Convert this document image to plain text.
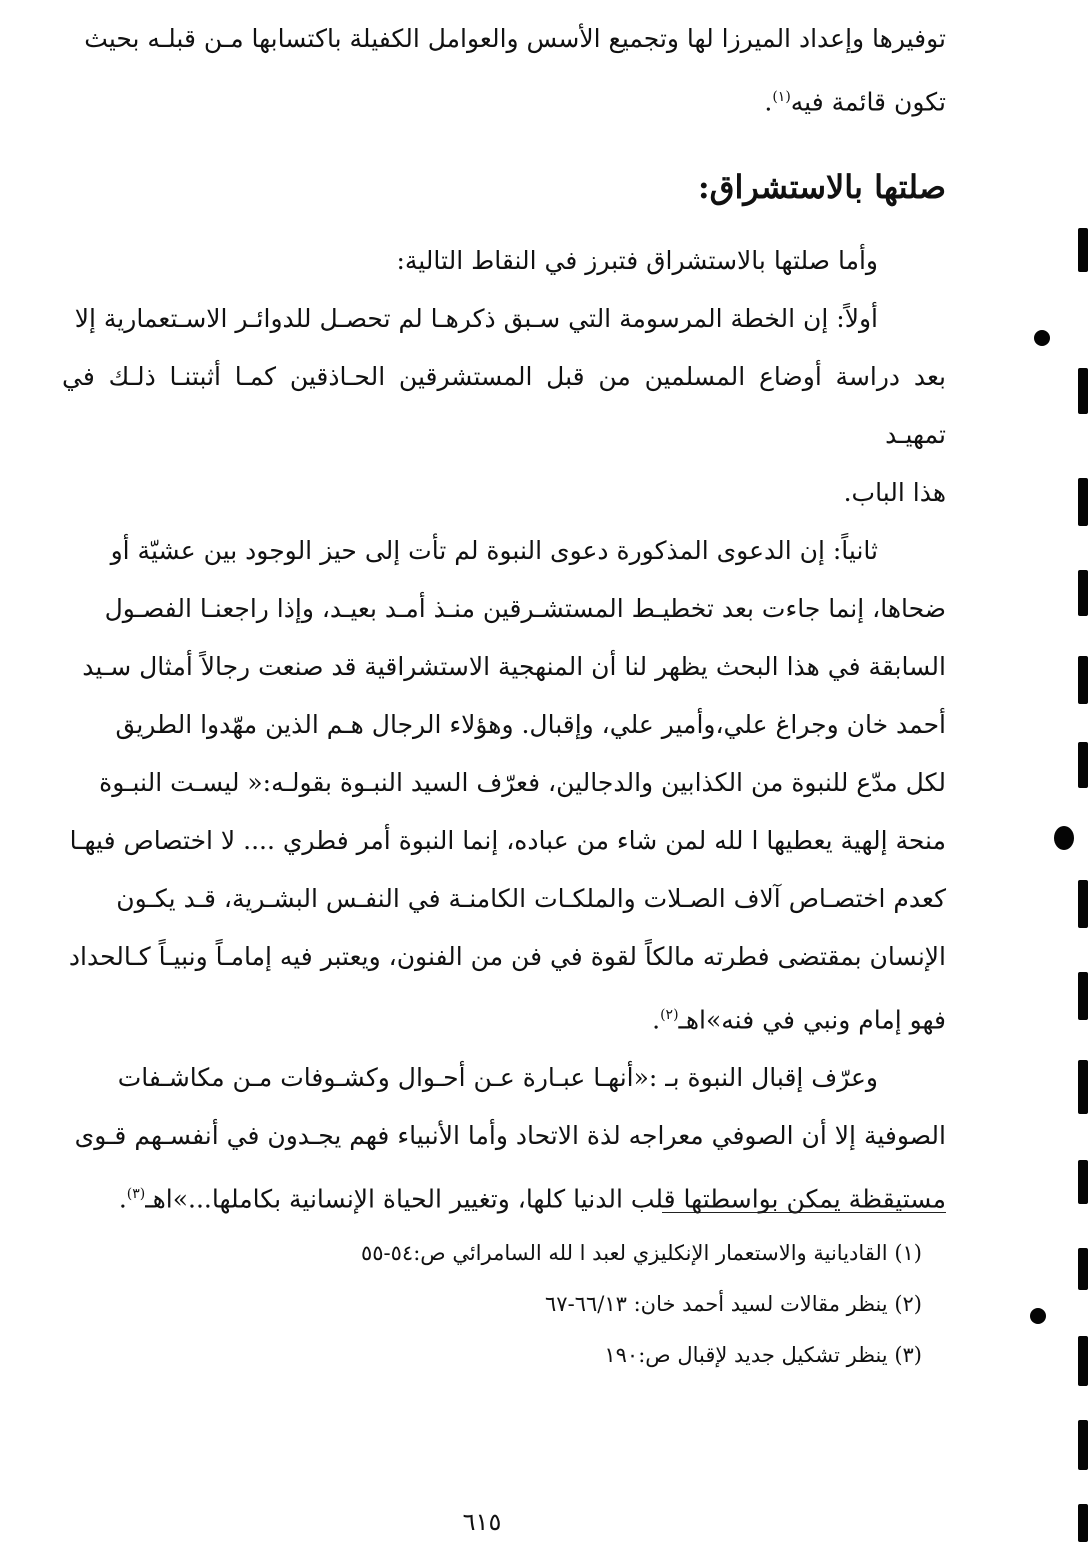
توفيرها وإعداد الميرزا لها وتجميع الأسس والعوامل الكفيلة باكتسابها مـن قبلـه بحيث

تكون قائمة فيه$^{(١)}$.

صلتها بالاستشراق:

وأما صلتها بالاستشراق فتبرز في النقاط التالية:

أولاً: إن الخطة المرسومة التي سـبق ذكرهـا لم تحصـل للدوائـر الاسـتعمارية إلا

بعد دراسة أوضاع المسلمين من قبل المستشرقين الحـاذقين كمـا أثبتنـا ذلـك في تمهيـد

هذا الباب.

ثانياً: إن الدعوى المذكورة دعوى النبوة لم تأت إلى حيز الوجود بين عشيّة أو

ضحاها، إنما جاءت بعد تخطيـط المستشـرقين منـذ أمـد بعيـد، وإذا راجعنـا الفصـول

السابقة في هذا البحث يظهر لنا أن المنهجية الاستشراقية قد صنعت رجالاً أمثال سـيد

أحمد خان وجراغ علي،وأمير علي، وإقبال. وهؤلاء الرجال هـم الذين مهّدوا الطريق

لكل مدّع للنبوة من الكذابين والدجالين، فعرّف السيد النبـوة بقولـه:« ليسـت النبـوة

منحة إلهية يعطيها ا لله لمن شاء من عباده، إنما النبوة أمر فطري .... لا اختصاص فيهـا

كعدم اختصـاص آلاف الصـلات والملكـات الكامنـة في النفـس البشـرية، قـد يكـون

الإنسان بمقتضى فطرته مالكاً لقوة في فن من الفنون، ويعتبر فيه إمامـاً ونبيـاً كـالحداد

فهو إمام ونبي في فنه»اهـ$^{(٢)}$.

وعرّف إقبال النبوة بـ :«أنهـا عبـارة عـن أحـوال وكشـوفات مـن مكاشـفات

الصوفية إلا أن الصوفي معراجه لذة الاتحاد وأما الأنبياء فهم يجـدون في أنفسـهم قـوى

مستيقظة يمكن بواسطتها قلب الدنيا كلها، وتغيير الحياة الإنسانية بكاملها...»اهـ$^{(٣)}$.

(١) القاديانية والاستعمار الإنكليزي لعبد ا لله السامرائي ص:٥٤-٥٥
(٢) ينظر مقالات لسيد أحمد خان: ٦٦/١٣-٦٧
(٣) ينظر تشكيل جديد لإقبال ص:١٩٠
٦١٥
